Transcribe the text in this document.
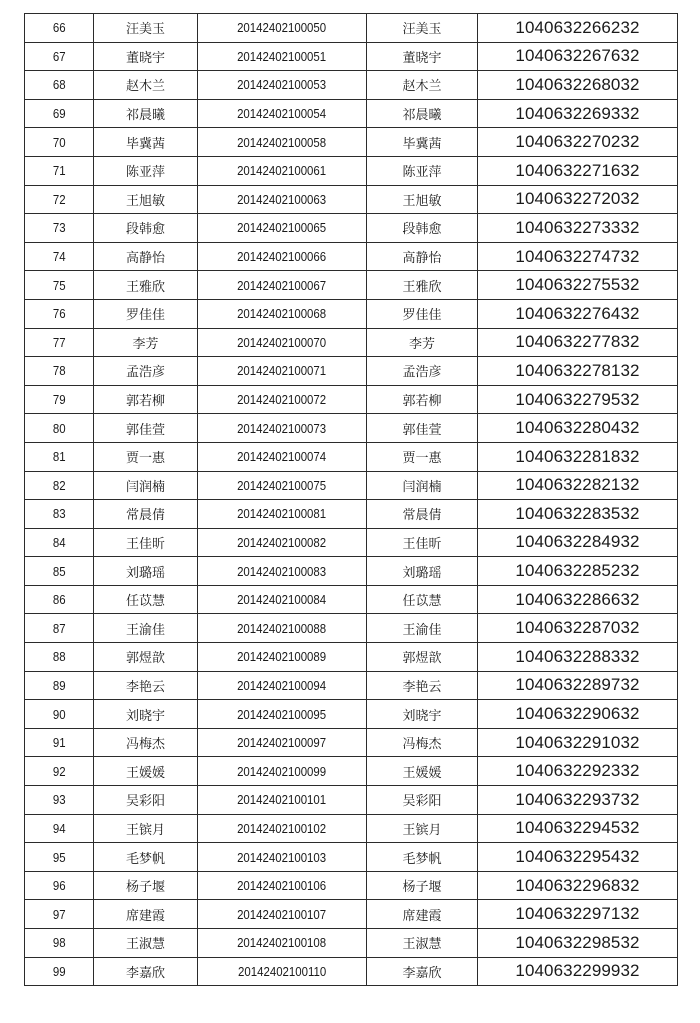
66	汪美玉	20142402100050	汪美玉	1040632266232
67	董晓宇	20142402100051	董晓宇	1040632267632
68	赵木兰	20142402100053	赵木兰	1040632268032
69	祁晨曦	20142402100054	祁晨曦	1040632269332
70	毕冀茜	20142402100058	毕冀茜	1040632270232
71	陈亚萍	20142402100061	陈亚萍	1040632271632
72	王旭敏	20142402100063	王旭敏	1040632272032
73	段韩愈	20142402100065	段韩愈	1040632273332
74	高静怡	20142402100066	高静怡	1040632274732
75	王雅欣	20142402100067	王雅欣	1040632275532
76	罗佳佳	20142402100068	罗佳佳	1040632276432
77	李芳	20142402100070	李芳	1040632277832
78	孟浩彦	20142402100071	孟浩彦	1040632278132
79	郭若柳	20142402100072	郭若柳	1040632279532
80	郭佳萱	20142402100073	郭佳萱	1040632280432
81	贾一惠	20142402100074	贾一惠	1040632281832
82	闫润楠	20142402100075	闫润楠	1040632282132
83	常晨倩	20142402100081	常晨倩	1040632283532
84	王佳昕	20142402100082	王佳昕	1040632284932
85	刘璐瑶	20142402100083	刘璐瑶	1040632285232
86	任苡慧	20142402100084	任苡慧	1040632286632
87	王渝佳	20142402100088	王渝佳	1040632287032
88	郭煜歆	20142402100089	郭煜歆	1040632288332
89	李艳云	20142402100094	李艳云	1040632289732
90	刘晓宇	20142402100095	刘晓宇	1040632290632
91	冯梅杰	20142402100097	冯梅杰	1040632291032
92	王媛媛	20142402100099	王媛媛	1040632292332
93	吴彩阳	20142402100101	吴彩阳	1040632293732
94	王镔月	20142402100102	王镔月	1040632294532
95	毛梦帆	20142402100103	毛梦帆	1040632295432
96	杨子堰	20142402100106	杨子堰	1040632296832
97	席建霞	20142402100107	席建霞	1040632297132
98	王淑慧	20142402100108	王淑慧	1040632298532
99	李嘉欣	20142402100110	李嘉欣	1040632299932
